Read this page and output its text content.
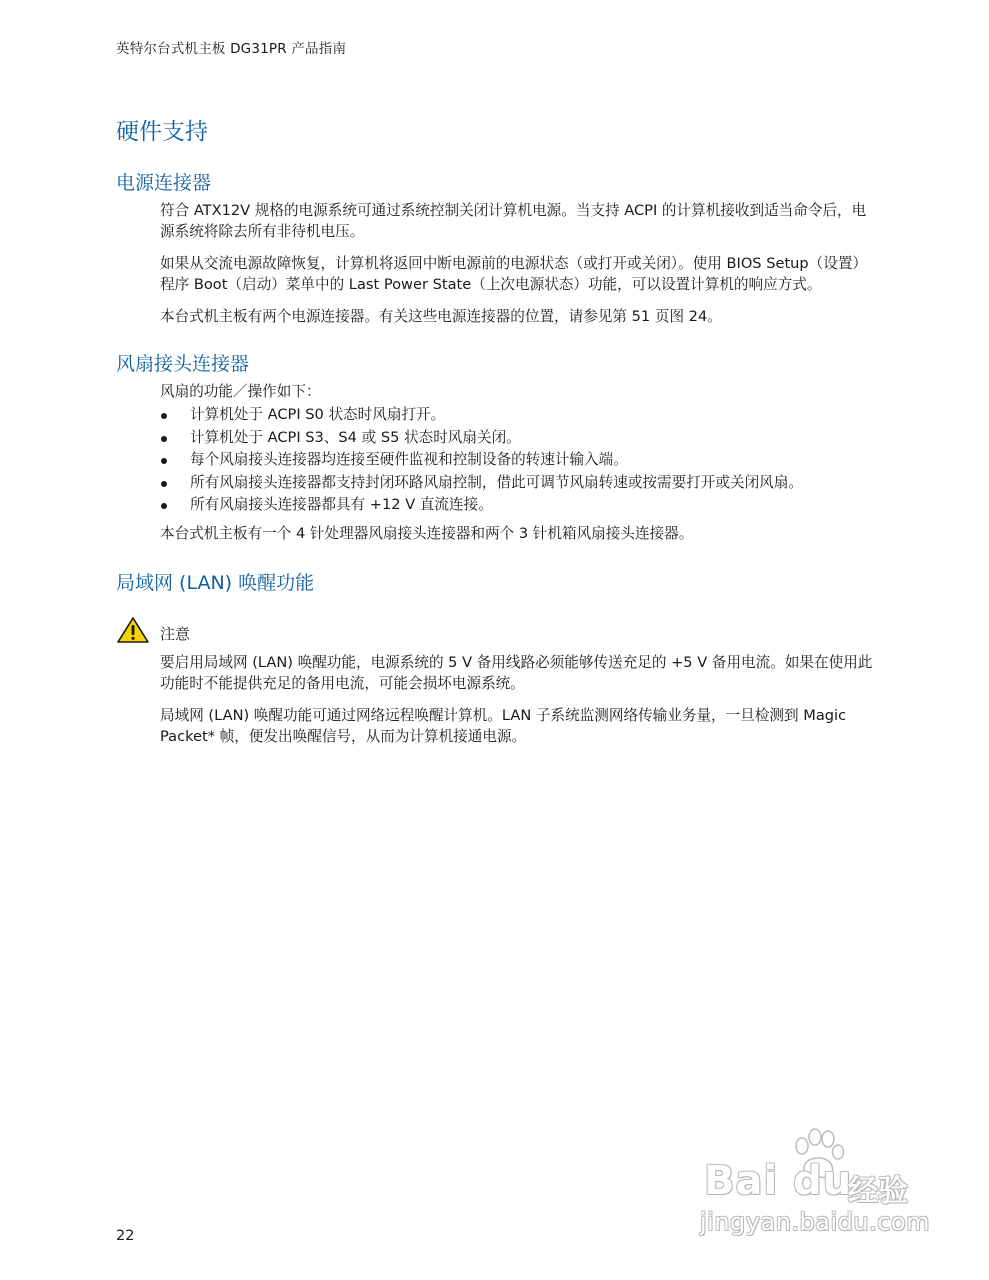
英特尔台式机主板 DG31PR 产品指南
硬件支持
电源连接器

符合 ATX12V 规格的电源系统可通过系统控制关闭计算机电源。当支持 ACPI 的计算机接收到适当命令后，电源系统将除去所有非待机电压。

如果从交流电源故障恢复，计算机将返回中断电源前的电源状态（或打开或关闭）。使用 BIOS Setup（设置）程序 Boot（启动）菜单中的 Last Power State（上次电源状态）功能，可以设置计算机的响应方式。

本台式机主板有两个电源连接器。有关这些电源连接器的位置，请参见第 51 页图 24。

风扇接头连接器

风扇的功能／操作如下：

计算机处于 ACPI S0 状态时风扇打开。
计算机处于 ACPI S3、S4 或 S5 状态时风扇关闭。
每个风扇接头连接器均连接至硬件监视和控制设备的转速计输入端。
所有风扇接头连接器都支持封闭环路风扇控制，借此可调节风扇转速或按需要打开或关闭风扇。
所有风扇接头连接器都具有 +12 V 直流连接。

本台式机主板有一个 4 针处理器风扇接头连接器和两个 3 针机箱风扇接头连接器。

局域网 (LAN) 唤醒功能
注意

要启用局域网 (LAN) 唤醒功能，电源系统的 5 V 备用线路必须能够传送充足的 +5 V 备用电流。如果在使用此功能时不能提供充足的备用电流，可能会损坏电源系统。

局域网 (LAN) 唤醒功能可通过网络远程唤醒计算机。LAN 子系统监测网络传输业务量，一旦检测到 Magic Packet* 帧，便发出唤醒信号，从而为计算机接通电源。

Bai du
经验
jingyan.baidu.com
22
